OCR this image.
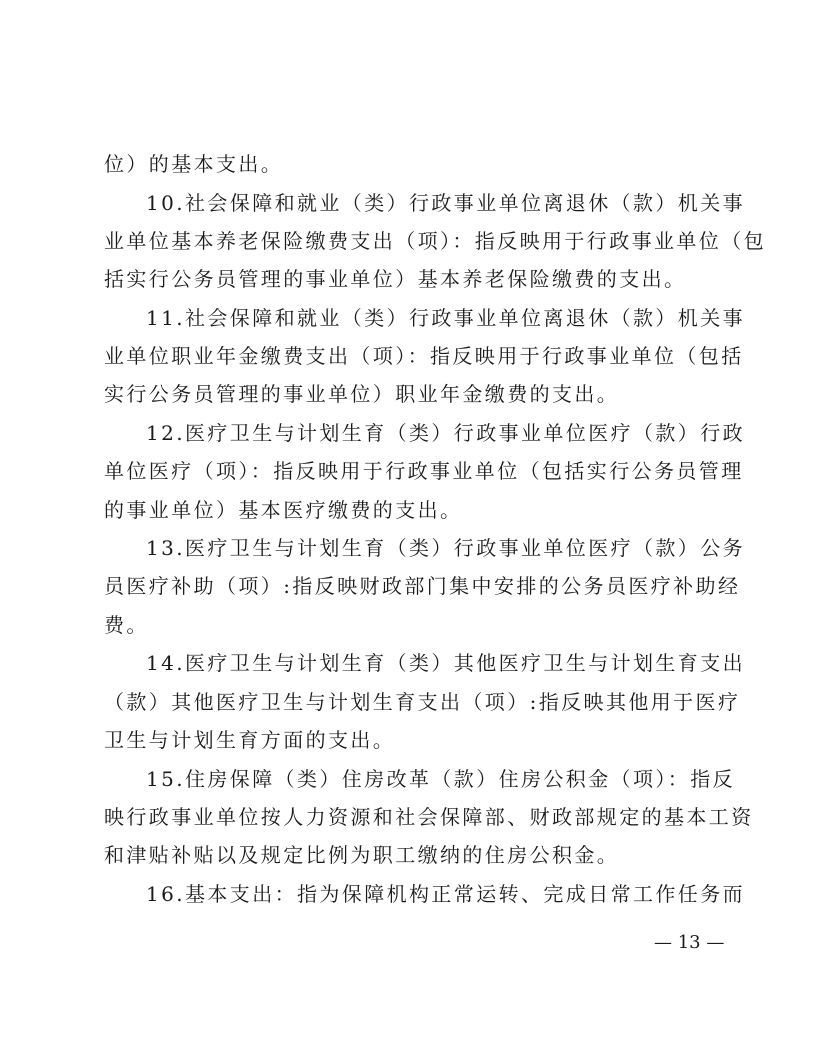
位）的基本支出。
10.社会保障和就业（类）行政事业单位离退休（款）机关事
业单位基本养老保险缴费支出（项）：指反映用于行政事业单位（包
括实行公务员管理的事业单位）基本养老保险缴费的支出。
11.社会保障和就业（类）行政事业单位离退休（款）机关事
业单位职业年金缴费支出（项）：指反映用于行政事业单位（包括
实行公务员管理的事业单位）职业年金缴费的支出。
12.医疗卫生与计划生育（类）行政事业单位医疗（款）行政
单位医疗（项）：指反映用于行政事业单位（包括实行公务员管理
的事业单位）基本医疗缴费的支出。
13.医疗卫生与计划生育（类）行政事业单位医疗（款）公务
员医疗补助（项）:指反映财政部门集中安排的公务员医疗补助经
费。
14.医疗卫生与计划生育（类）其他医疗卫生与计划生育支出
（款）其他医疗卫生与计划生育支出（项）:指反映其他用于医疗
卫生与计划生育方面的支出。
15.住房保障（类）住房改革（款）住房公积金（项）：指反
映行政事业单位按人力资源和社会保障部、财政部规定的基本工资
和津贴补贴以及规定比例为职工缴纳的住房公积金。
16.基本支出：指为保障机构正常运转、完成日常工作任务而
— 13 —
